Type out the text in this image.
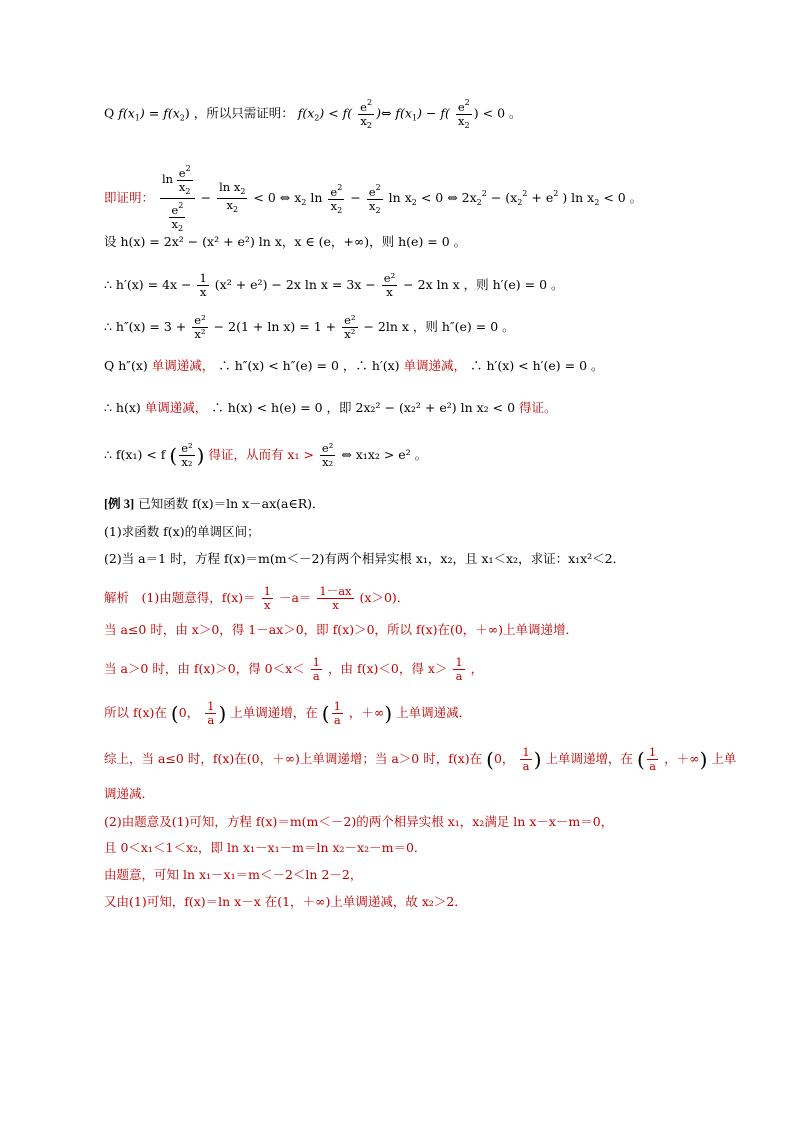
Q $f(x_1) = f(x_2)$ ，所以只需证明： $f(x_2) < f( \frac{e^2}{x_2}$ )⇔ $f(x_1) - f( \frac{e^2}{x_2}$ ) < 0 。
即证明： $\frac{\ln \frac{e^2}{x_2}}{\frac{e^2}{x_2}} - \frac{\ln x_2}{x_2} < 0$ ⇔ $x_2$ $\ln \frac{e^2}{x_2} - \frac{e^2}{x_2}$ $\ln x_2 < 0$ ⇔ $2x_2^2 - (x_2^2 + e^2$ ) $\ln x_2 < 0$ 。
设 h(x) = 2x² − (x² + e²) ln x，x ∈ (e，+∞)，则 h(e) = 0 。
∴ $h'(x) = 4x - \frac{1}{x} (x^2 + e^2) - 2x$ $\ln x = 3x - \frac{\text{e²}}{x} - 2x$ ln x ，则 h′(e) = 0 。
∴ $h''(x) = 3 + \frac{\text{e²}}{\text{x²}} - 2(1 + \ln x) = 1 + \frac{\text{e²}}{\text{x²}} - 2\ln$ x ，则 h″(e) = 0 。
Q h″(x) 单调递减， ∴ h″(x) < h″(e) = 0 ，∴ h′(x) 单调递减， ∴ h′(x) < h′(e) = 0 。
∴ h(x) 单调递减， ∴ h(x) < h(e) = 0 ，即 2x₂² − (x₂² + e²) ln x₂ < 0 得证。
∴ f(x₁) < f ( $\frac{\text{e²}}{\text{x₂}}$ ) 得证，从而有 $x_1 > \frac{\text{e²}}{\text{x₂}}$ ⇔ x₁x₂ > e² 。
[例 3] 已知函数 f(x)＝ln x－ax(a∈R)．
(1)求函数 f(x)的单调区间；
(2)当 a＝1 时，方程 f(x)＝m(m＜－2)有两个相异实根 x₁，x₂，且 x₁＜x₂，求证：x₁x²＜2．
解析　(1)由题意得，$f(x)= \frac{1}{x} -a= \frac{1-ax}{x} (x>0)$．
当 a≤0 时，由 x＞0，得 1－ax＞0，即 f(x)＞0，所以 f(x)在(0，＋∞)上单调递增．
当 a＞0 时，由 f(x)＞0，得 $0<x< \frac{1}{a}$ ，由 f(x)＜0，得 $x> \frac{1}{a}$ ，
所以 f(x)在 (0， $\frac{1}{a}$ ) 上单调递增，在 ( $\frac{1}{a}$ ，＋∞) 上单调递减．
综上，当 a≤0 时，f(x)在(0，＋∞)上单调递增；当 a＞0 时，f(x)在 (0， $\frac{1}{a}$ ) 上单调递增，在 ( $\frac{1}{a}$ ，＋∞) 上单
调递减．
(2)由题意及(1)可知，方程 f(x)＝m(m＜－2)的两个相异实根 x₁，x₂满足 ln x－x－m＝0，
且 0＜x₁＜1＜x₂，即 ln x₁－x₁－m＝ln x₂－x₂－m＝0．
由题意，可知 ln x₁－x₁＝m＜－2＜ln 2－2，
又由(1)可知，f(x)＝ln x－x 在(1，＋∞)上单调递减，故 x₂＞2．
